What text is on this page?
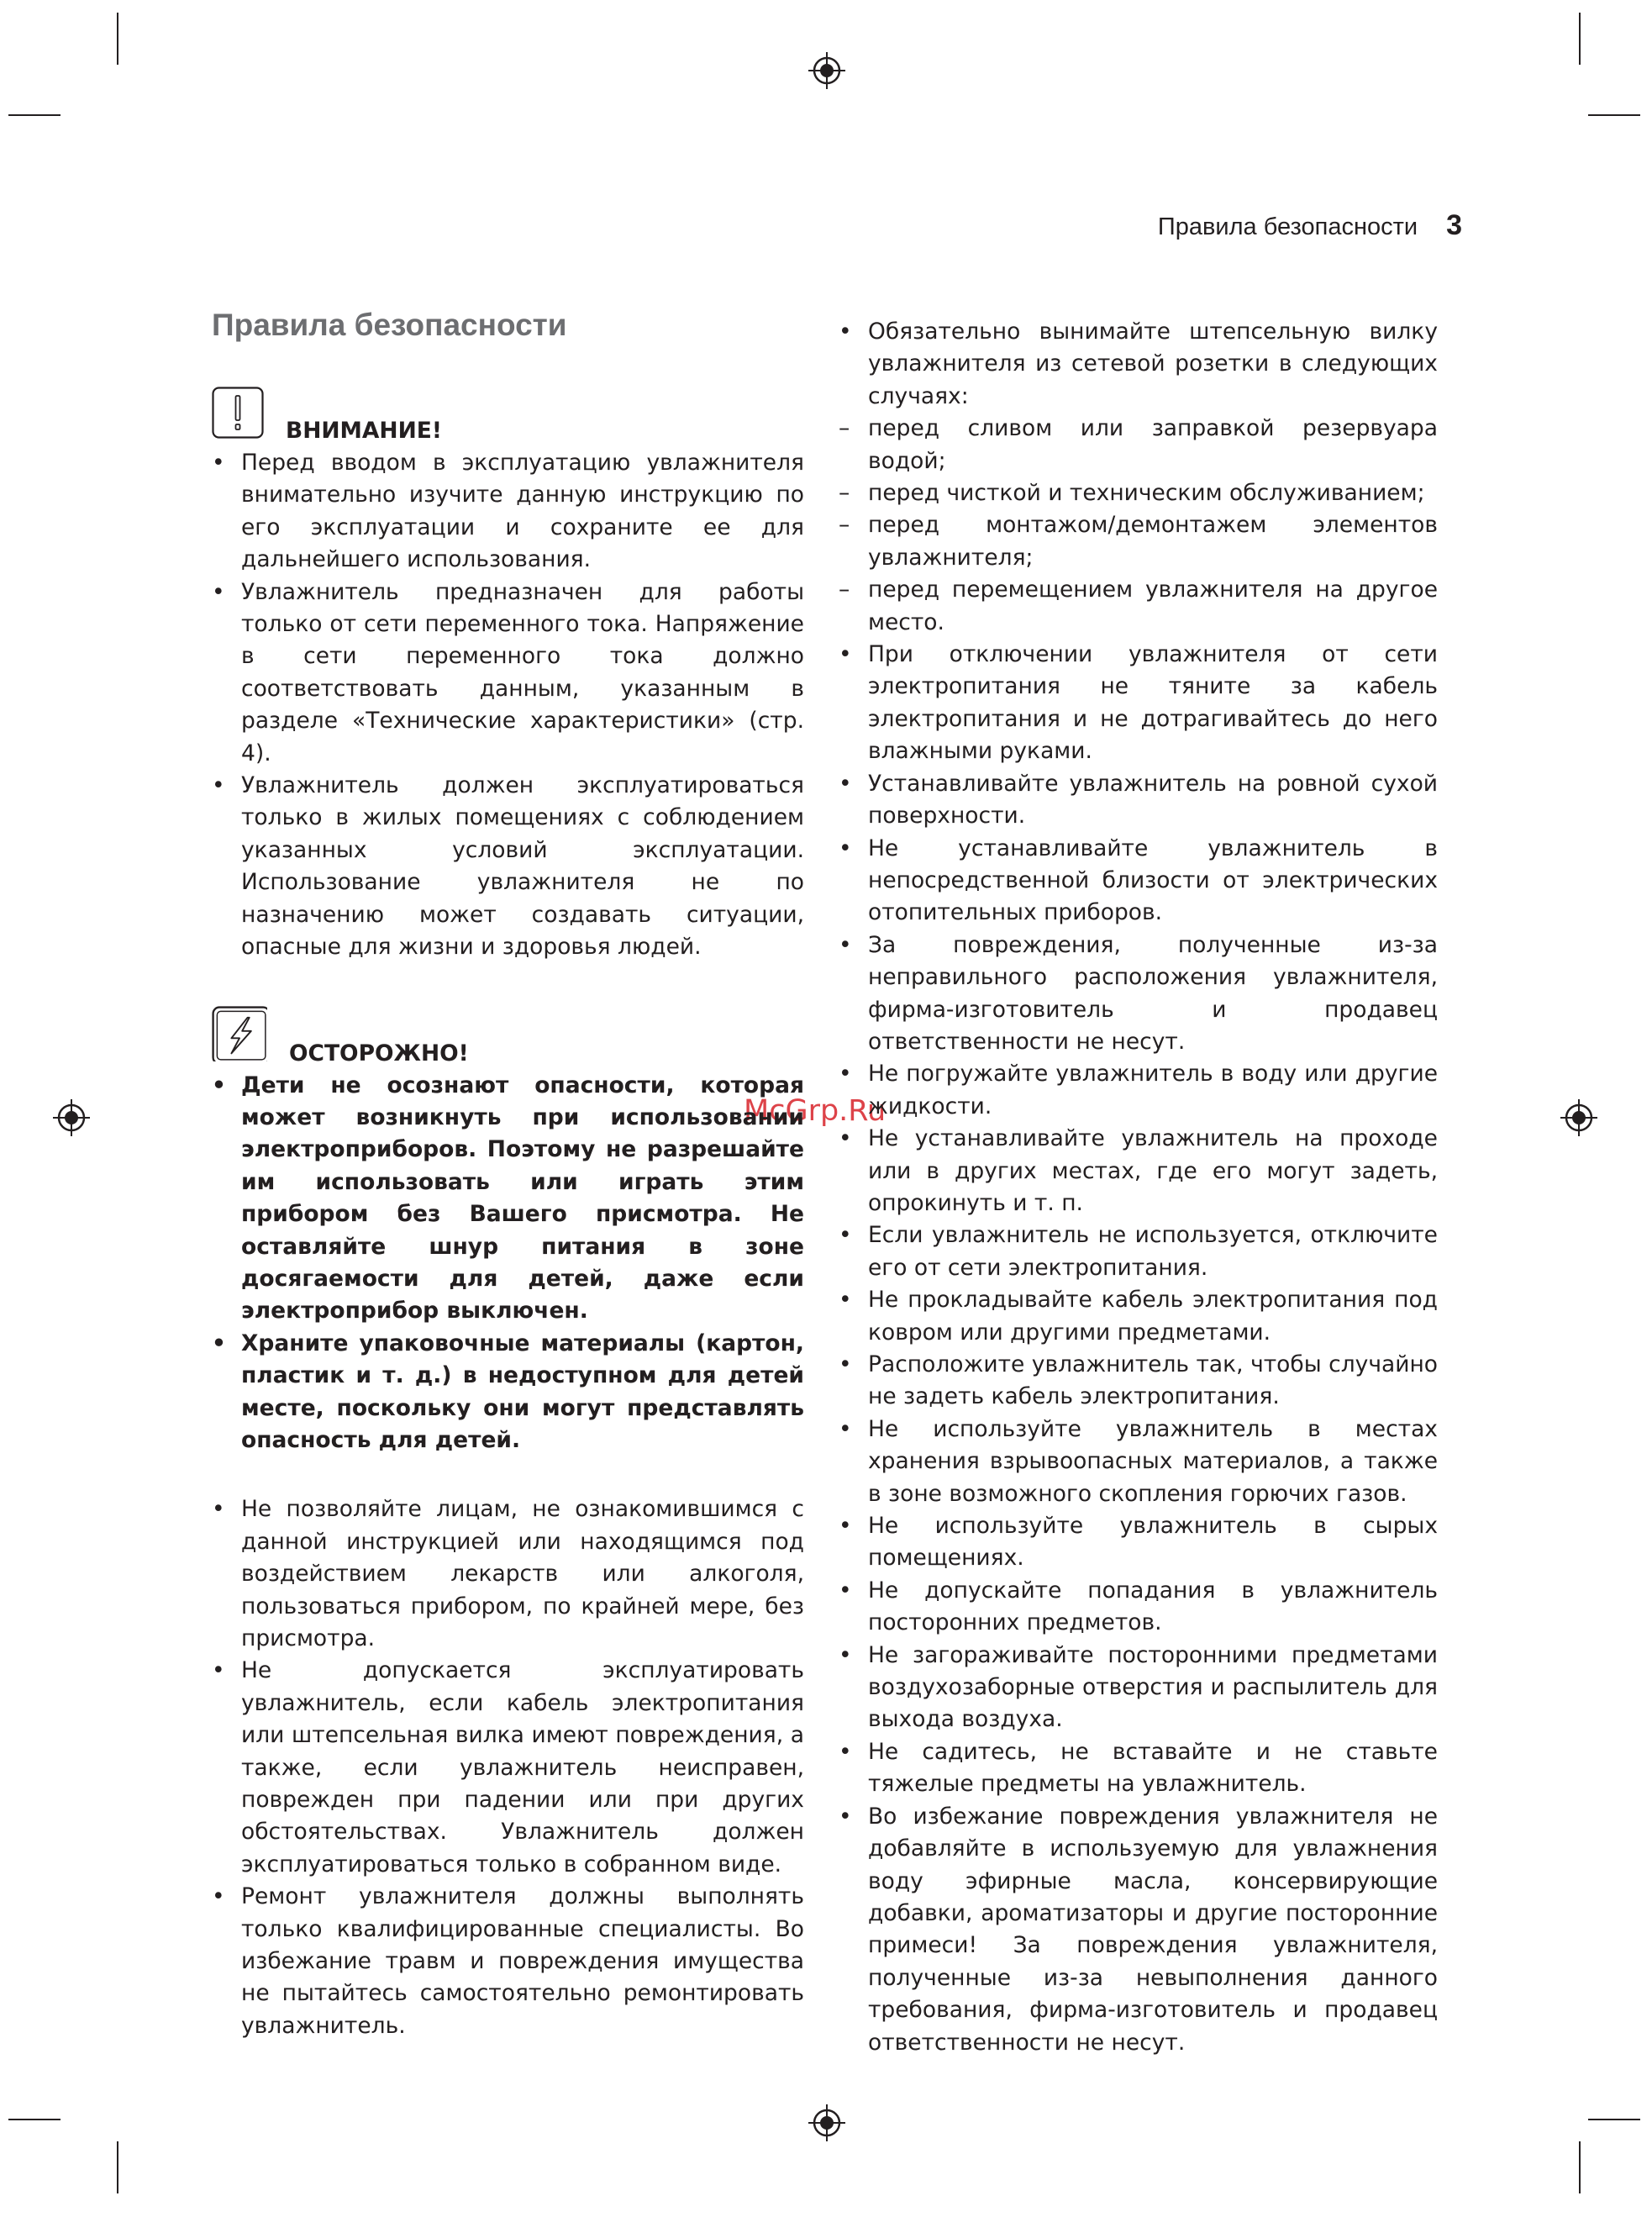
Правила безопасности 3
McGrp.Ru
Правила безопасности
ВНИМАНИЕ!
• Перед вводом в эксплуатацию увлажнителя внимательно изучите данную инструкцию по его эксплуатации и сохраните ее для дальнейшего использования.
• Увлажнитель предназначен для работы только от сети переменного тока. Напряжение в сети переменного тока должно соответствовать данным, указанным в разделе «Технические характеристики» (стр. 4).
• Увлажнитель должен эксплуатироваться только в жилых помещениях с соблюдением указанных условий эксплуатации. Использование увлажнителя не по назначению может создавать ситуации, опасные для жизни и здоровья людей.
ОСТОРОЖНО!
• Дети не осознают опасности, которая может возникнуть при использовании электроприборов. Поэтому не разрешайте им использовать или играть этим прибором без Вашего присмотра. Не оставляйте шнур питания в зоне досягаемости для детей, даже если электроприбор выключен.
• Храните упаковочные материалы (картон, пластик и т. д.) в недоступном для детей месте, поскольку они могут представлять опасность для детей.
• Не позволяйте лицам, не ознакомившимся с данной инструкцией или находящимся под воздействием лекарств или алкоголя, пользоваться прибором, по крайней мере, без присмотра.
• Не допускается эксплуатировать увлажнитель, если кабель электропитания или штепсельная вилка имеют повреждения, а также, если увлажнитель неисправен, поврежден при падении или при других обстоятельствах. Увлажнитель должен эксплуатироваться только в собранном виде.
• Ремонт увлажнителя должны выполнять только квалифицированные специалисты. Во избежание травм и повреждения имущества не пытайтесь самостоятельно ремонтировать увлажнитель.
• Обязательно вынимайте штепсельную вилку увлажнителя из сетевой розетки в следующих случаях:
– перед сливом или заправкой резервуара водой;
– перед чисткой и техническим обслуживанием;
– перед монтажом/демонтажем элементов увлажнителя;
– перед перемещением увлажнителя на другое место.
• При отключении увлажнителя от сети электропитания не тяните за кабель электропитания и не дотрагивайтесь до него влажными руками.
• Устанавливайте увлажнитель на ровной сухой поверхности.
• Не устанавливайте увлажнитель в непосредственной близости от электрических отопительных приборов.
• За повреждения, полученные из-за неправильного расположения увлажнителя, фирма-изготовитель и продавец ответственности не несут.
• Не погружайте увлажнитель в воду или другие жидкости.
• Не устанавливайте увлажнитель на проходе или в других местах, где его могут задеть, опрокинуть и т. п.
• Если увлажнитель не используется, отключите его от сети электропитания.
• Не прокладывайте кабель электропитания под ковром или другими предметами.
• Расположите увлажнитель так, чтобы случайно не задеть кабель электропитания.
• Не используйте увлажнитель в местах хранения взрывоопасных материалов, а также в зоне возможного скопления горючих газов.
• Не используйте увлажнитель в сырых помещениях.
• Не допускайте попадания в увлажнитель посторонних предметов.
• Не загораживайте посторонними предметами воздухозаборные отверстия и распылитель для выхода воздуха.
• Не садитесь, не вставайте и не ставьте тяжелые предметы на увлажнитель.
• Во избежание повреждения увлажнителя не добавляйте в используемую для увлажнения воду эфирные масла, консервирующие добавки, ароматизаторы и другие посторонние примеси! За повреждения увлажнителя, полученные из-за невыполнения данного требования, фирма-изготовитель и продавец ответственности не несут.
